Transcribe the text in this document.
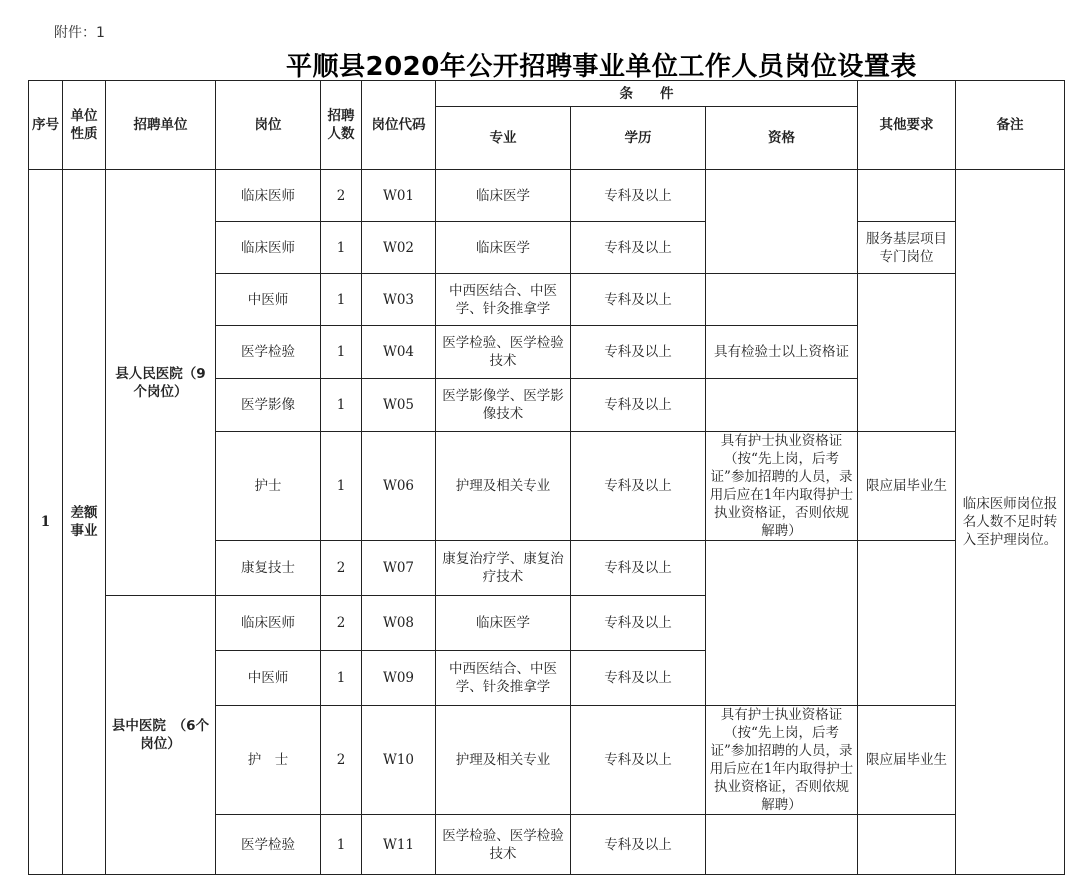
附件：1
平顺县2020年公开招聘事业单位工作人员岗位设置表
序号	单位性质	招聘单位	岗位	招聘人数	岗位代码	条　　件			其他要求	备注
						专业	学历	资格		
1	差额事业	县人民医院（9个岗位）	临床医师	2	W01	临床医学	专科及以上			临床医师岗位报名人数不足时转入至护理岗位。
			临床医师	1	W02	临床医学	专科及以上		服务基层项目专门岗位	
			中医师	1	W03	中西医结合、中医学、针灸推拿学	专科及以上			
			医学检验	1	W04	医学检验、医学检验技术	专科及以上	具有检验士以上资格证		
			医学影像	1	W05	医学影像学、医学影像技术	专科及以上			
			护士	1	W06	护理及相关专业	专科及以上	具有护士执业资格证（按“先上岗，后考证”参加招聘的人员，录用后应在1年内取得护士执业资格证，否则依规解聘）	限应届毕业生	
			康复技士	2	W07	康复治疗学、康复治疗技术	专科及以上			
		县中医院　（6个岗位）	临床医师	2	W08	临床医学	专科及以上			
			中医师	1	W09	中西医结合、中医学、针灸推拿学	专科及以上			
			护　士	2	W10	护理及相关专业	专科及以上	具有护士执业资格证（按“先上岗，后考证”参加招聘的人员，录用后应在1年内取得护士执业资格证，否则依规解聘）	限应届毕业生	
			医学检验	1	W11	医学检验、医学检验技术	专科及以上			
